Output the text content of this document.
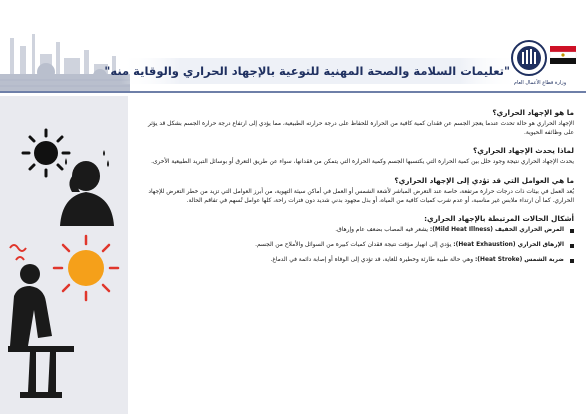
"تعليمات السلامة والصحة المهنية للتوعية بالإجهاد الحراري والوقاية منه"
وزارة قطاع الأعمال العام
ما هو الإجهاد الحراري؟
الإجهاد الحراري هو حالة تحدث عندما يعجز الجسم عن فقدان كمية كافية من الحرارة للحفاظ على درجة حرارته الطبيعية، مما يؤدي إلى ارتفاع درجة حرارة الجسم بشكل قد يؤثر على وظائفه الحيوية.
لماذا يحدث الإجهاد الحراري؟
يحدث الإجهاد الحراري نتيجة وجود خلل بين كمية الحرارة التي يكتسبها الجسم وكمية الحرارة التي يتمكن من فقدانها، سواء عن طريق التعرق أو بوسائل التبريد الطبيعية الأخرى.
ما هي العوامل التي قد تؤدي إلى الإجهاد الحراري؟
يُعد العمل في بيئات ذات درجات حرارة مرتفعة، خاصة عند التعرض المباشر لأشعة الشمس أو العمل في أماكن سيئة التهوية، من أبرز العوامل التي تزيد من خطر التعرض للإجهاد الحراري. كما أن ارتداء ملابس غير مناسبة، أو عدم شرب كميات كافية من المياه، أو بذل مجهود بدني شديد دون فترات راحة، كلها عوامل تُسهم في تفاقم الحالة.
أشكال الحالات المرتبطة بالإجهاد الحراري:
المرض الحراري الخفيف (Mild Heat Illness): يشعر فيه المصاب بضعف عام وإرهاق.
الإرهاق الحراري (Heat Exhaustion): يؤدي إلى انهيار مؤقت نتيجة فقدان كميات كبيرة من السوائل والأملاح من الجسم.
ضربة الشمس (Heat Stroke): وهي حالة طبية طارئة وخطيرة للغاية، قد تؤدي إلى الوفاة أو إصابة دائمة في الدماغ.
